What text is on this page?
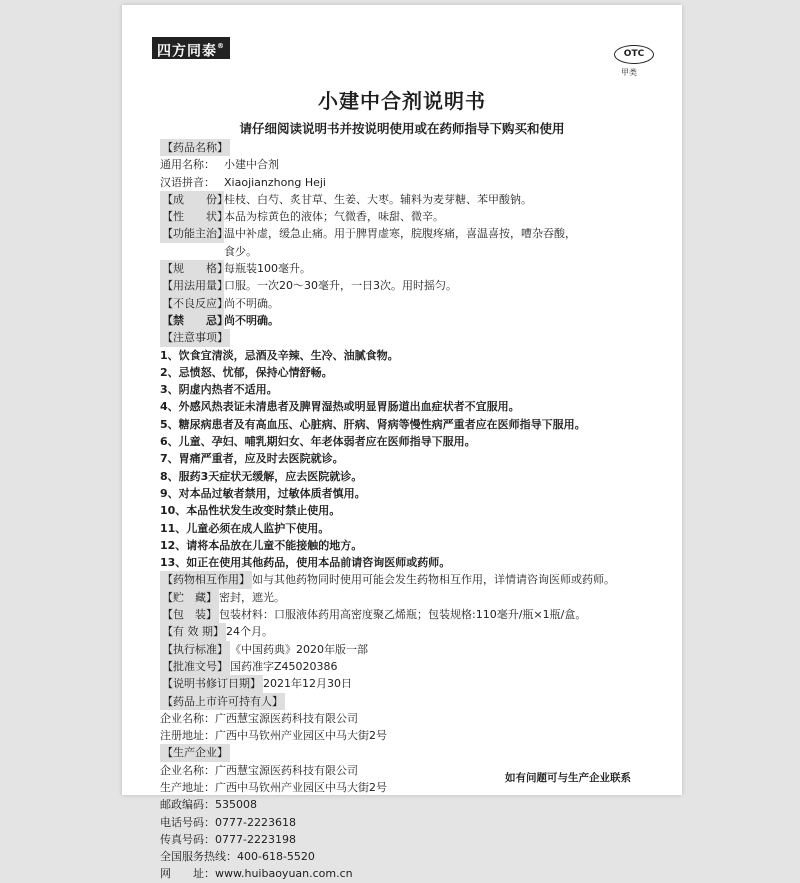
四方同泰®
OTC
甲类
小建中合剂说明书
请仔细阅读说明书并按说明使用或在药师指导下购买和使用
【药品名称】
通用名称： 小建中合剂
汉语拼音： Xiaojianzhong Heji
【成　　份】桂枝、白芍、炙甘草、生姜、大枣。辅料为麦芽糖、苯甲酸钠。
【性　　状】本品为棕黄色的液体；气微香，味甜、微辛。
【功能主治】温中补虚，缓急止痛。用于脾胃虚寒，脘腹疼痛，喜温喜按，嘈杂吞酸，
食少。
【规　　格】每瓶装100毫升。
【用法用量】口服。一次20～30毫升，一日3次。用时摇匀。
【不良反应】尚不明确。
【禁　　忌】尚不明确。
【注意事项】
1、饮食宜清淡，忌酒及辛辣、生冷、油腻食物。
2、忌愤怒、忧郁，保持心情舒畅。
3、阴虚内热者不适用。
4、外感风热表证未清患者及脾胃湿热或明显胃肠道出血症状者不宜服用。
5、糖尿病患者及有高血压、心脏病、肝病、肾病等慢性病严重者应在医师指导下服用。
6、儿童、孕妇、哺乳期妇女、年老体弱者应在医师指导下服用。
7、胃痛严重者，应及时去医院就诊。
8、服药3天症状无缓解，应去医院就诊。
9、对本品过敏者禁用，过敏体质者慎用。
10、本品性状发生改变时禁止使用。
11、儿童必须在成人监护下使用。
12、请将本品放在儿童不能接触的地方。
13、如正在使用其他药品，使用本品前请咨询医师或药师。
【药物相互作用】 如与其他药物同时使用可能会发生药物相互作用，详情请咨询医师或药师。
【贮　藏】 密封，遮光。
【包　装】 包装材料：口服液体药用高密度聚乙烯瓶；包装规格:110毫升/瓶×1瓶/盒。
【有 效 期】 24个月。
【执行标准】 《中国药典》2020年版一部
【批准文号】 国药准字Z45020386
【说明书修订日期】 2021年12月30日
【药品上市许可持有人】
企业名称：广西慧宝源医药科技有限公司
注册地址：广西中马钦州产业园区中马大街2号
【生产企业】
企业名称：广西慧宝源医药科技有限公司
生产地址：广西中马钦州产业园区中马大街2号
邮政编码：535008
电话号码：0777-2223618
传真号码：0777-2223198
全国服务热线：400-618-5520
网　　址：www.huibaoyuan.com.cn
如有问题可与生产企业联系
